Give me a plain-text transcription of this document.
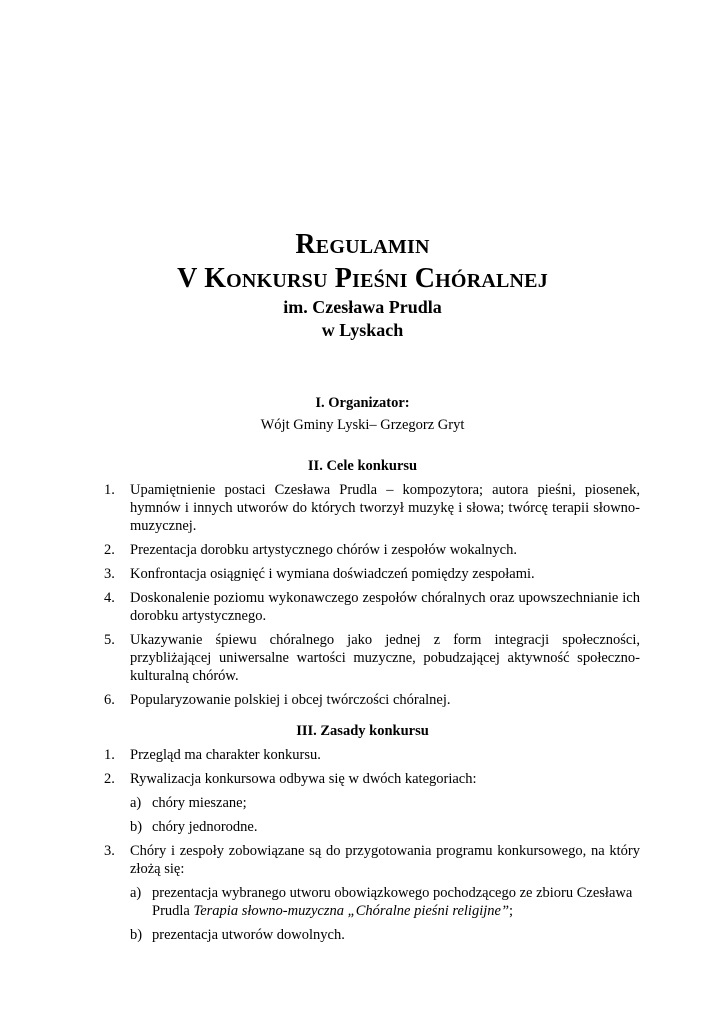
Regulamin
V Konkursu Pieśni Chóralnej
im. Czesława Prudla
w Lyskach
I. Organizator:
Wójt Gminy Lyski– Grzegorz Gryt
II. Cele konkursu
1. Upamiętnienie postaci Czesława Prudla – kompozytora; autora pieśni, piosenek, hymnów i innych utworów do których tworzył muzykę i słowa; twórcę terapii słowno-muzycznej.
2. Prezentacja dorobku artystycznego chórów i zespołów wokalnych.
3. Konfrontacja osiągnięć i wymiana doświadczeń pomiędzy zespołami.
4. Doskonalenie poziomu wykonawczego zespołów chóralnych oraz upowszechnianie ich dorobku artystycznego.
5. Ukazywanie śpiewu chóralnego jako jednej z form integracji społeczności, przybliżającej uniwersalne wartości muzyczne, pobudzającej aktywność społeczno-kulturalną chórów.
6. Popularyzowanie polskiej i obcej twórczości chóralnej.
III. Zasady konkursu
1. Przegląd ma charakter konkursu.
2. Rywalizacja konkursowa odbywa się w dwóch kategoriach:
a) chóry mieszane;
b) chóry jednorodne.
3. Chóry i zespoły zobowiązane są do przygotowania programu konkursowego, na który złożą się:
a) prezentacja wybranego utworu obowiązkowego pochodzącego ze zbioru Czesława Prudla Terapia słowno-muzyczna „Chóralne pieśni religijne”;
b) prezentacja utworów dowolnych.
